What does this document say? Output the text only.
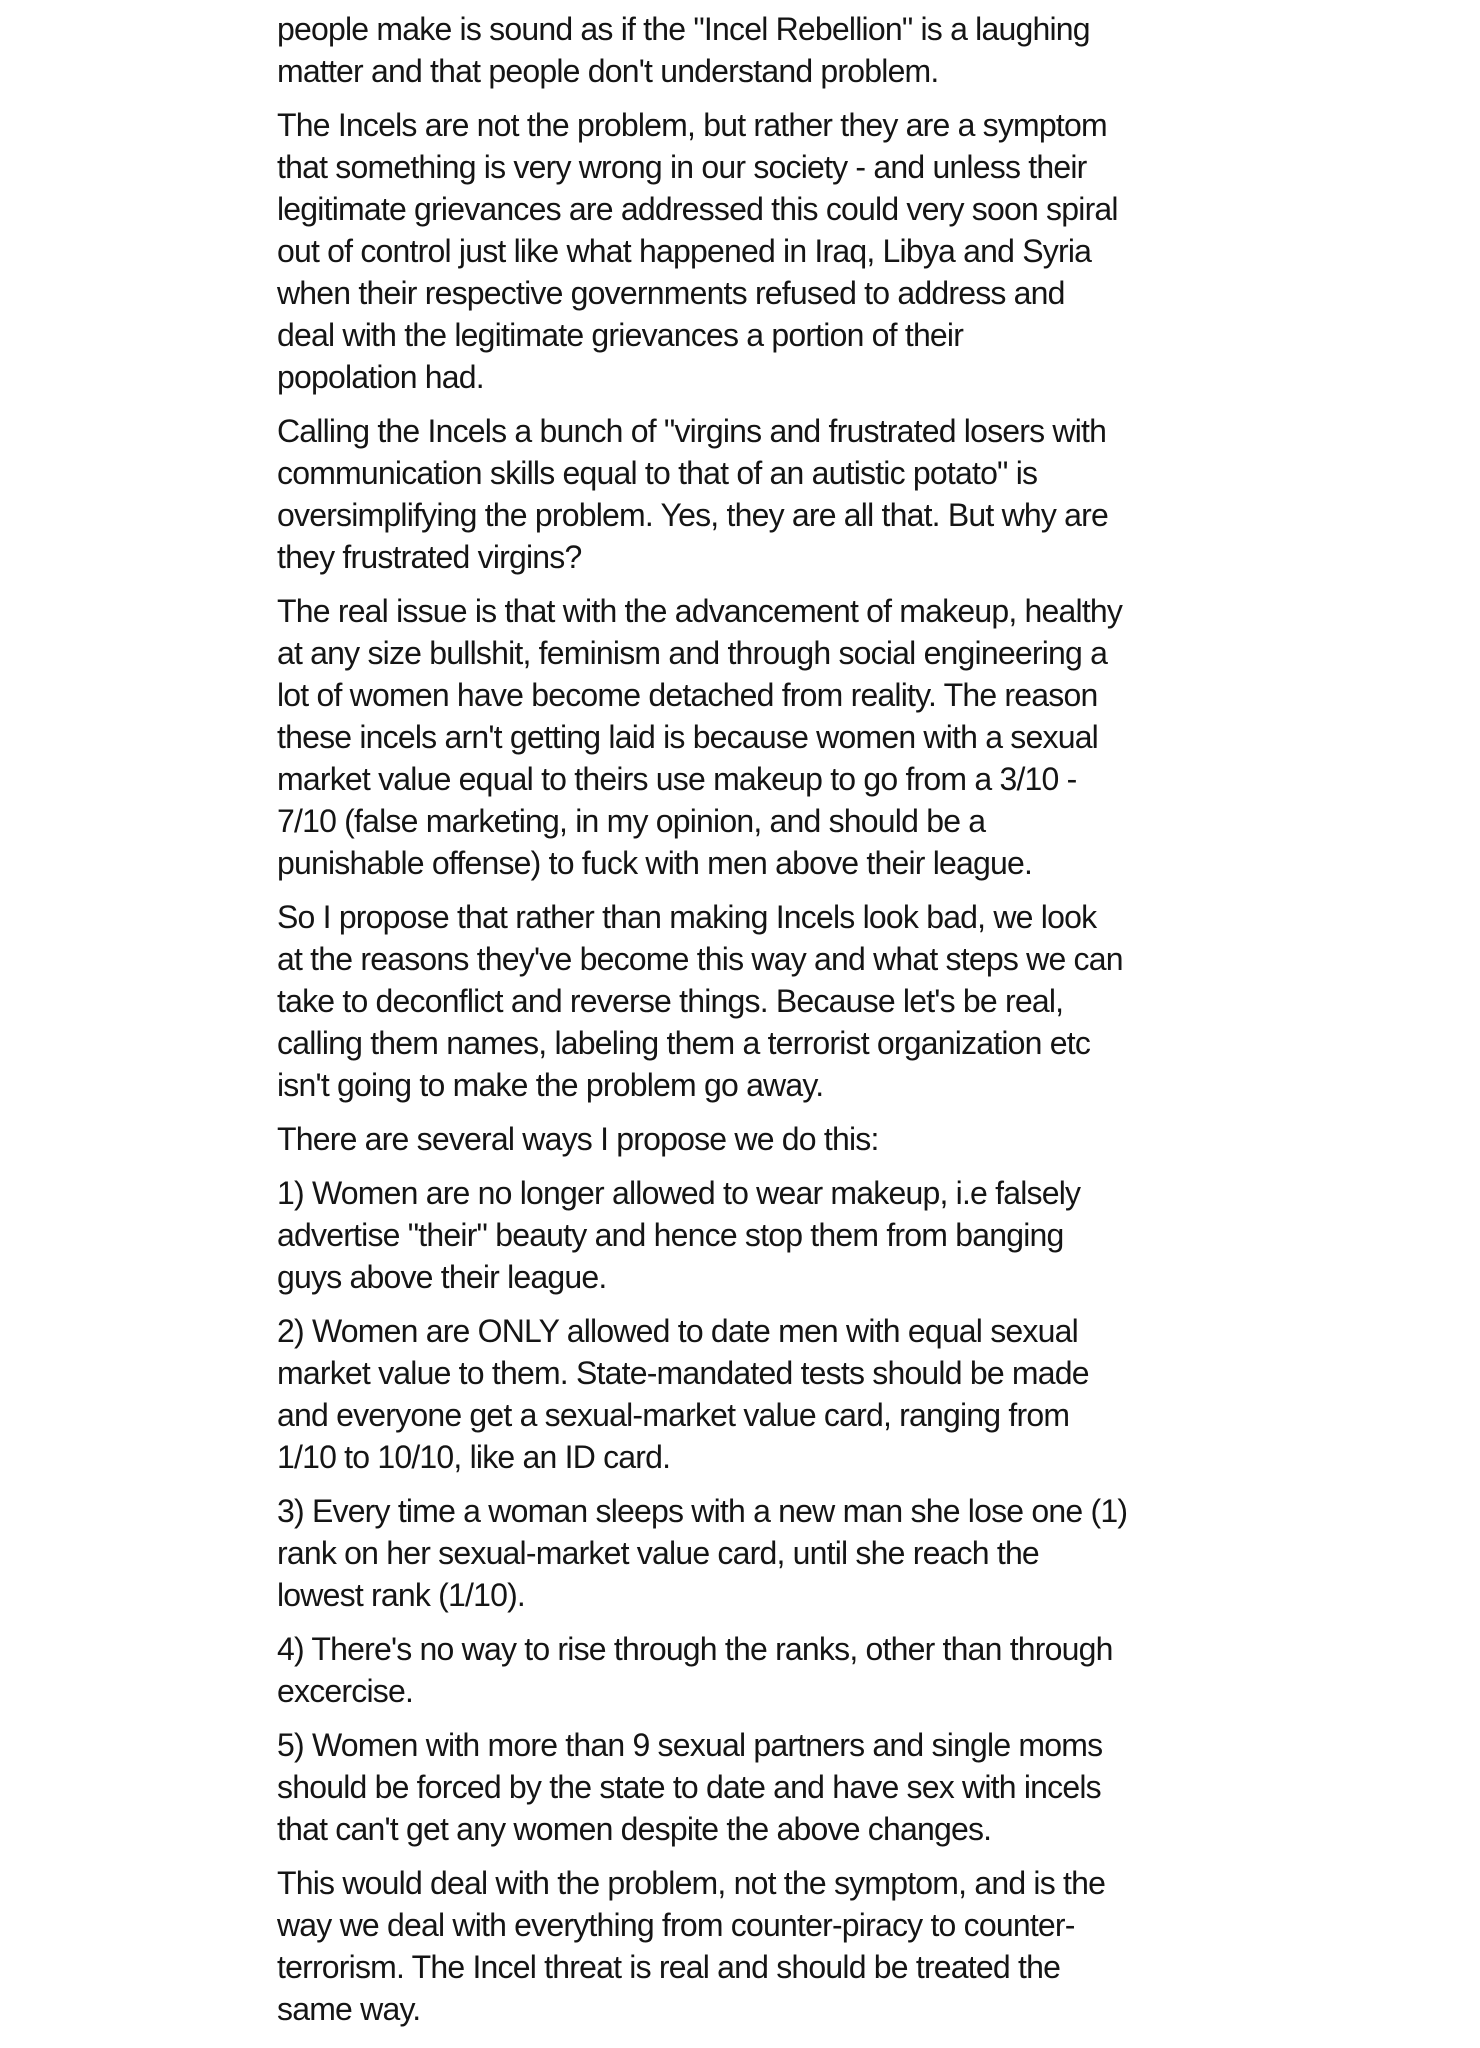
people make is sound as if the "Incel Rebellion" is a laughing
matter and that people don't understand problem.

The Incels are not the problem, but rather they are a symptom
that something is very wrong in our society - and unless their
legitimate grievances are addressed this could very soon spiral
out of control just like what happened in Iraq, Libya and Syria
when their respective governments refused to address and
deal with the legitimate grievances a portion of their
popolation had.

Calling the Incels a bunch of "virgins and frustrated losers with
communication skills equal to that of an autistic potato" is
oversimplifying the problem. Yes, they are all that. But why are
they frustrated virgins?

The real issue is that with the advancement of makeup, healthy
at any size bullshit, feminism and through social engineering a
lot of women have become detached from reality. The reason
these incels arn't getting laid is because women with a sexual
market value equal to theirs use makeup to go from a 3/10 -
7/10 (false marketing, in my opinion, and should be a
punishable offense) to fuck with men above their league.

So I propose that rather than making Incels look bad, we look
at the reasons they've become this way and what steps we can
take to deconflict and reverse things. Because let's be real,
calling them names, labeling them a terrorist organization etc
isn't going to make the problem go away.

There are several ways I propose we do this:

1) Women are no longer allowed to wear makeup, i.e falsely
advertise "their" beauty and hence stop them from banging
guys above their league.

2) Women are ONLY allowed to date men with equal sexual
market value to them. State-mandated tests should be made
and everyone get a sexual-market value card, ranging from
1/10 to 10/10, like an ID card.

3) Every time a woman sleeps with a new man she lose one (1)
rank on her sexual-market value card, until she reach the
lowest rank (1/10).

4) There's no way to rise through the ranks, other than through
excercise.

5) Women with more than 9 sexual partners and single moms
should be forced by the state to date and have sex with incels
that can't get any women despite the above changes.

This would deal with the problem, not the symptom, and is the
way we deal with everything from counter-piracy to counter-
terrorism. The Incel threat is real and should be treated the
same way.
